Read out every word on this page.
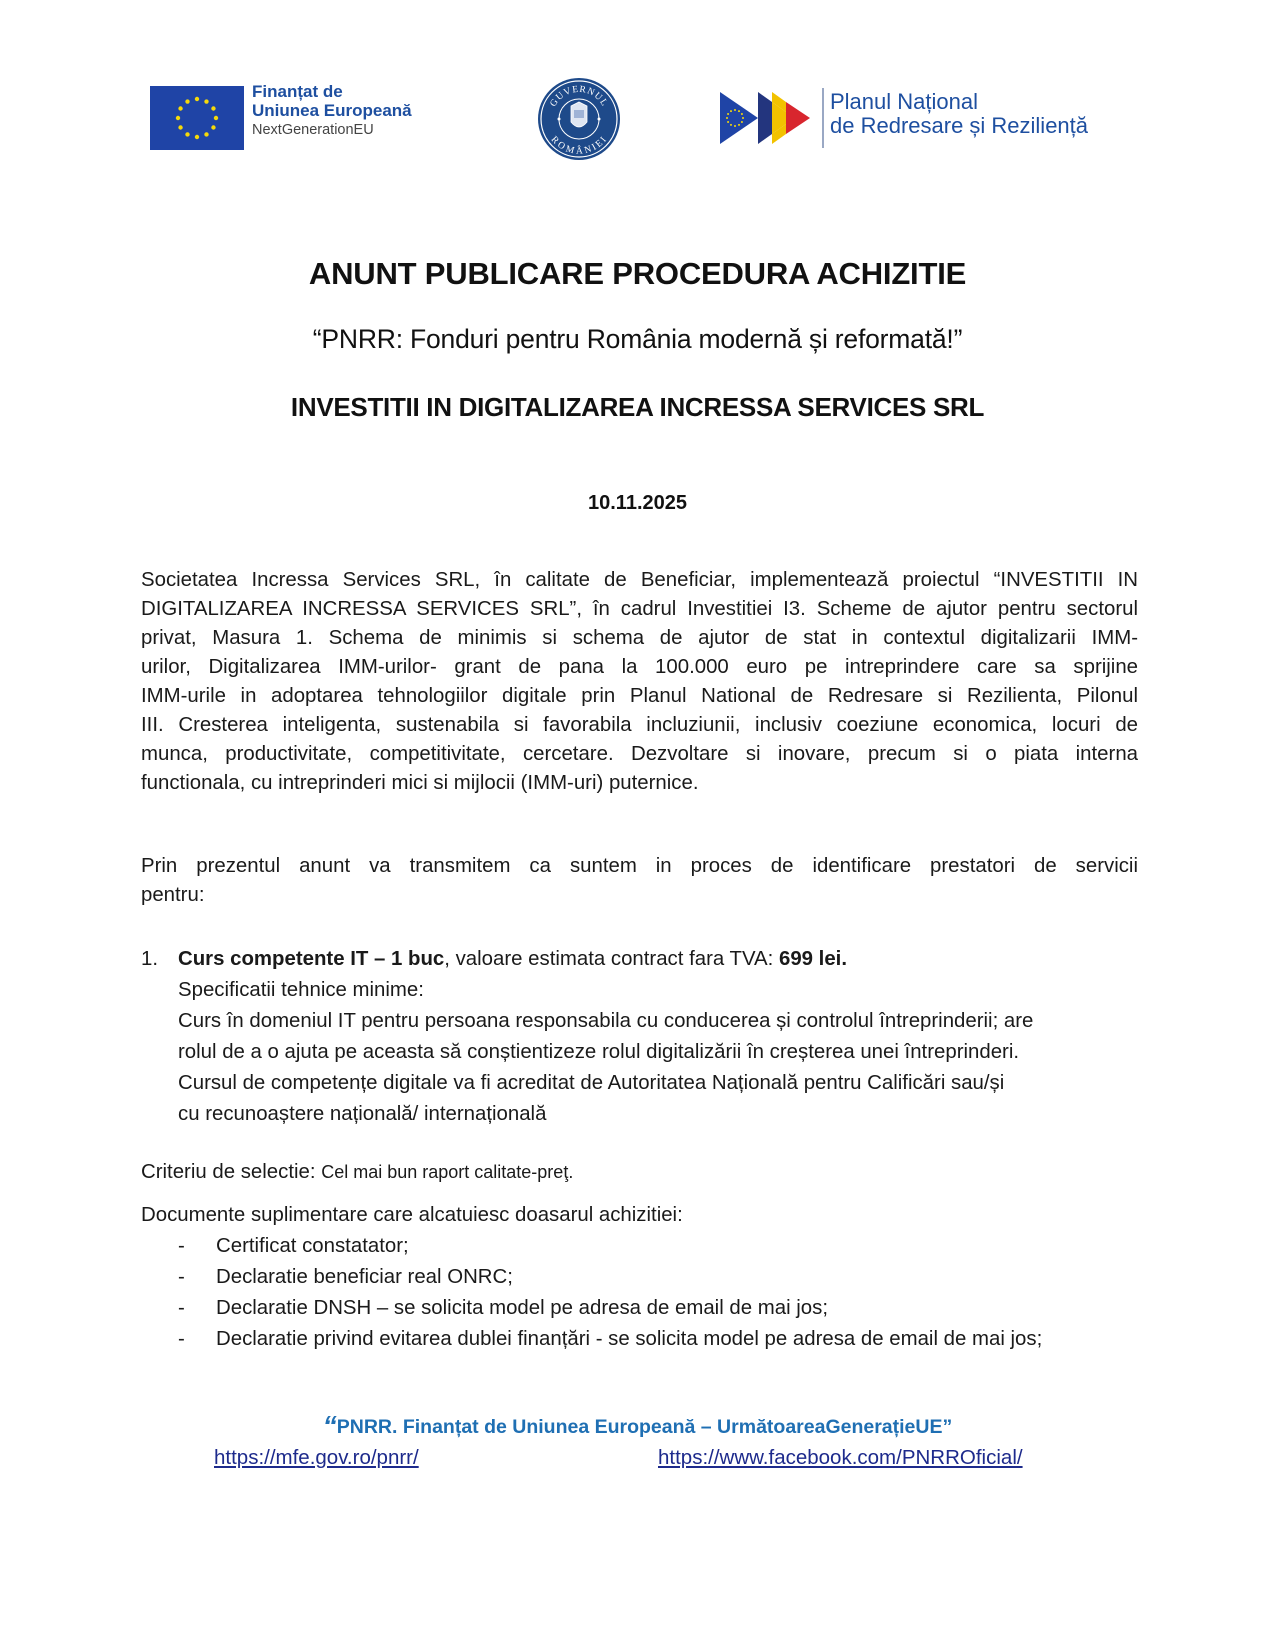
Finanțat de
Uniunea Europeană
NextGenerationEU
GUVERNUL
ROMÂNIEI
Planul Național
de Redresare și Reziliență
ANUNT PUBLICARE PROCEDURA ACHIZITIE
“PNRR: Fonduri pentru România modernă și reformată!”
INVESTITII IN DIGITALIZAREA INCRESSA SERVICES SRL
10.11.2025
Societatea Incressa Services SRL, în calitate de Beneficiar, implementează proiectul “INVESTITII IN
DIGITALIZAREA INCRESSA SERVICES SRL”, în cadrul Investitiei I3. Scheme de ajutor pentru sectorul
privat, Masura 1. Schema de minimis si schema de ajutor de stat in contextul digitalizarii IMM-
urilor, Digitalizarea IMM-urilor- grant de pana la 100.000 euro pe intreprindere care sa sprijine
IMM-urile in adoptarea tehnologiilor digitale prin Planul National de Redresare si Rezilienta, Pilonul
III. Cresterea inteligenta, sustenabila si favorabila incluziunii, inclusiv coeziune economica, locuri de
munca, productivitate, competitivitate, cercetare. Dezvoltare si inovare, precum si o piata interna
functionala, cu intreprinderi mici si mijlocii (IMM-uri) puternice.
Prin prezentul anunt va transmitem ca suntem in proces de identificare prestatori de servicii
pentru:
1. Curs competente IT – 1 buc, valoare estimata contract fara TVA: 699 lei.
Specificatii tehnice minime:
Curs în domeniul IT pentru persoana responsabila cu conducerea și controlul întreprinderii; are
rolul de a o ajuta pe aceasta să conștientizeze rolul digitalizării în creșterea unei întreprinderi.
Cursul de competențe digitale va fi acreditat de Autoritatea Națională pentru Calificări sau/și
cu recunoaștere națională/ internațională
Criteriu de selectie: Cel mai bun raport calitate-preţ.
Documente suplimentare care alcatuiesc doasarul achizitiei:
- Certificat constatator;
- Declaratie beneficiar real ONRC;
- Declaratie DNSH – se solicita model pe adresa de email de mai jos;
- Declaratie privind evitarea dublei finanțări - se solicita model pe adresa de email de mai jos;
“PNRR. Finanțat de Uniunea Europeană – UrmătoareaGenerațieUE”
https://mfe.gov.ro/pnrr/	https://www.facebook.com/PNRROficial/
